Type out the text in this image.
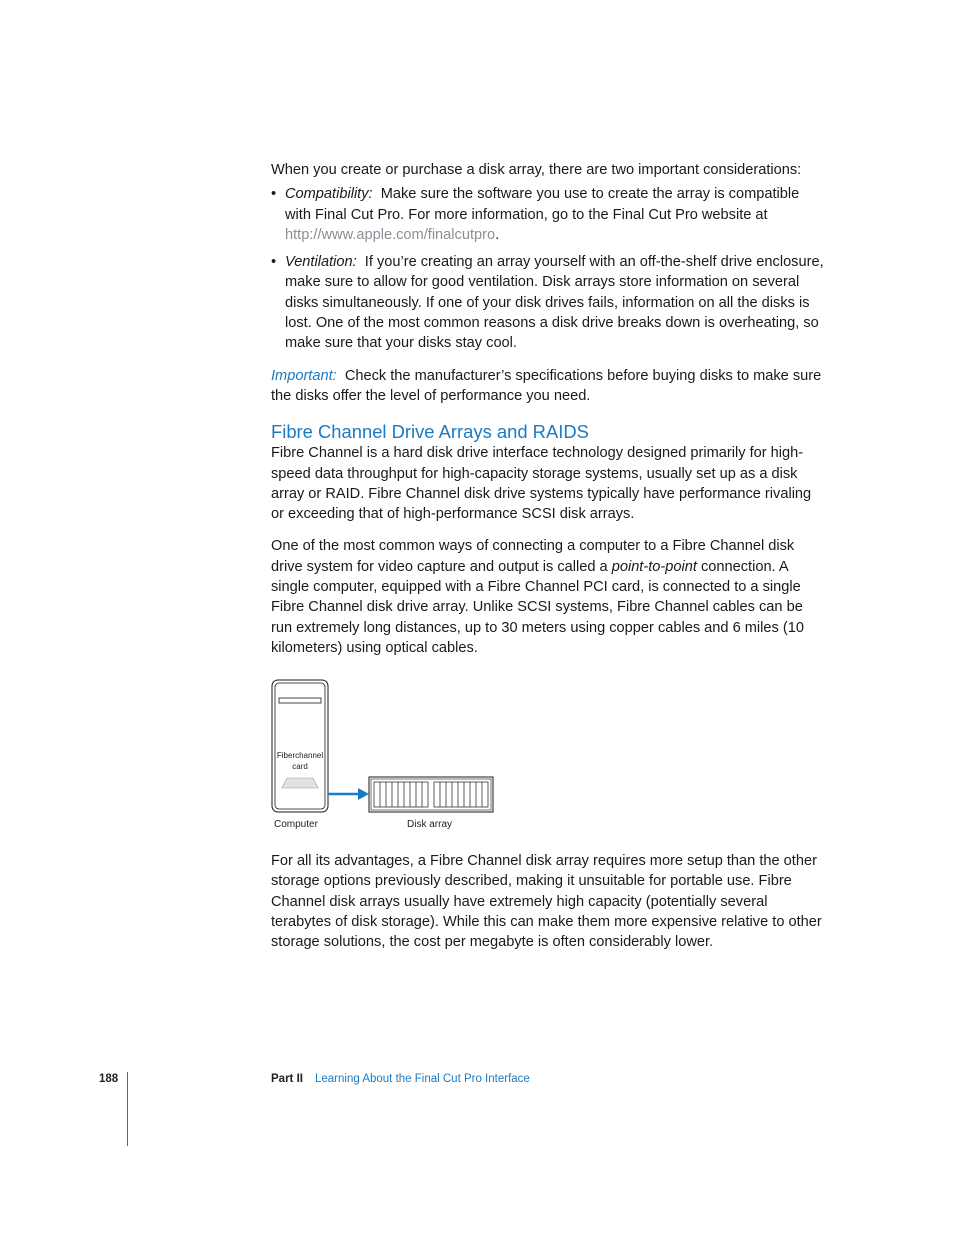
When you create or purchase a disk array, there are two important considerations:

• Compatibility: Make sure the software you use to create the array is compatible with Final Cut Pro. For more information, go to the Final Cut Pro website at http://www.apple.com/finalcutpro.
• Ventilation: If you’re creating an array yourself with an off-the-shelf drive enclosure, make sure to allow for good ventilation. Disk arrays store information on several disks simultaneously. If one of your disk drives fails, information on all the disks is lost. One of the most common reasons a disk drive breaks down is overheating, so make sure that your disks stay cool.

Important: Check the manufacturer’s specifications before buying disks to make sure the disks offer the level of performance you need.

Fibre Channel Drive Arrays and RAIDS

Fibre Channel is a hard disk drive interface technology designed primarily for high-speed data throughput for high-capacity storage systems, usually set up as a disk array or RAID. Fibre Channel disk drive systems typically have performance rivaling or exceeding that of high-performance SCSI disk arrays.

One of the most common ways of connecting a computer to a Fibre Channel disk drive system for video capture and output is called a point-to-point connection. A single computer, equipped with a Fibre Channel PCI card, is connected to a single Fibre Channel disk drive array. Unlike SCSI systems, Fibre Channel cables can be run extremely long distances, up to 30 meters using copper cables and 6 miles (10 kilometers) using optical cables.

Fiberchannel
card
Computer	Disk array
For all its advantages, a Fibre Channel disk array requires more setup than the other storage options previously described, making it unsuitable for portable use. Fibre Channel disk arrays usually have extremely high capacity (potentially several terabytes of disk storage). While this can make them more expensive relative to other storage solutions, the cost per megabyte is often considerably lower.
188	Part II Learning About the Final Cut Pro Interface
